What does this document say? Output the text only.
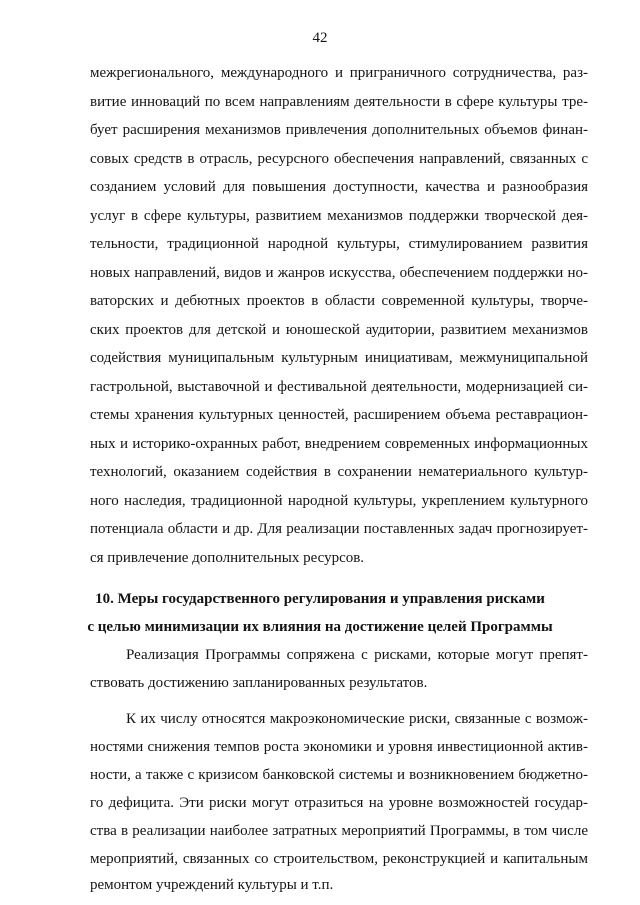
42
межрегионального, международного и приграничного сотрудничества, раз-
витие инноваций по всем направлениям деятельности в сфере культуры тре-
бует расширения механизмов привлечения дополнительных объемов финан-
совых средств в отрасль, ресурсного обеспечения направлений, связанных с
созданием условий для повышения доступности, качества и разнообразия
услуг в сфере культуры, развитием механизмов поддержки творческой дея-
тельности, традиционной народной культуры, стимулированием развития
новых направлений, видов и жанров искусства, обеспечением поддержки но-
ваторских и дебютных проектов в области современной культуры, творче-
ских проектов для детской и юношеской аудитории, развитием механизмов
содействия муниципальным культурным инициативам, межмуниципальной
гастрольной, выставочной и фестивальной деятельности, модернизацией си-
стемы хранения культурных ценностей, расширением объема реставрацион-
ных и историко-охранных работ, внедрением современных информационных
технологий, оказанием содействия в сохранении нематериального культур-
ного наследия, традиционной народной культуры, укреплением культурного
потенциала области и др. Для реализации поставленных задач прогнозирует-
ся привлечение дополнительных ресурсов.
10. Меры государственного регулирования и управления рисками
с целью минимизации их влияния на достижение целей Программы
Реализация Программы сопряжена с рисками, которые могут препят-
ствовать достижению запланированных результатов.
К их числу относятся макроэкономические риски, связанные с возмож-
ностями снижения темпов роста экономики и уровня инвестиционной актив-
ности, а также с кризисом банковской системы и возникновением бюджетно-
го дефицита. Эти риски могут отразиться на уровне возможностей государ-
ства в реализации наиболее затратных мероприятий Программы, в том числе
мероприятий, связанных со строительством, реконструкцией и капитальным
ремонтом учреждений культуры и т.п.
